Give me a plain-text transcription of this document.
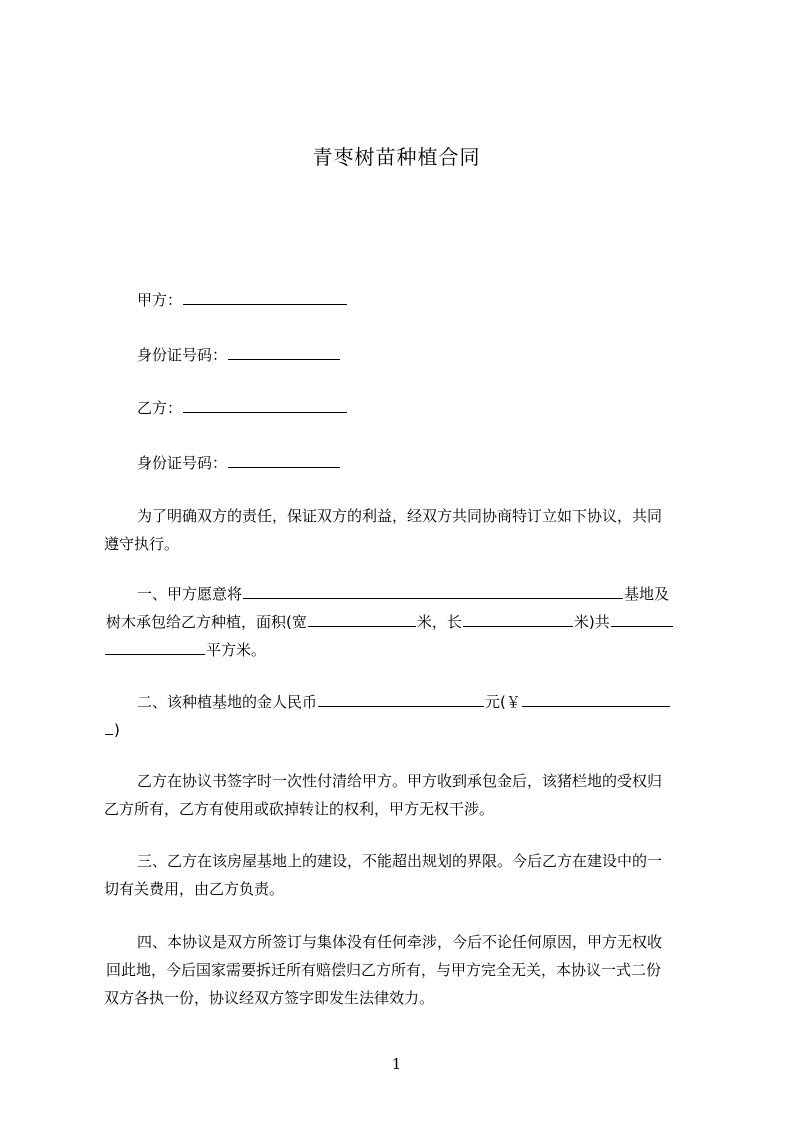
青枣树苗种植合同
甲方：
身份证号码：
乙方：
身份证号码：
为了明确双方的责任，保证双方的利益，经双方共同协商特订立如下协议，共同
遵守执行。
一、甲方愿意将	基地及
树木承包给乙方种植，面积(宽	米，长	米)共
平方米。
二、该种植基地的金人民币	元(￥
)
乙方在协议书签字时一次性付清给甲方。甲方收到承包金后，该猪栏地的受权归
乙方所有，乙方有使用或砍掉转让的权利，甲方无权干涉。
三、乙方在该房屋基地上的建设，不能超出规划的界限。今后乙方在建设中的一
切有关费用，由乙方负责。
四、本协议是双方所签订与集体没有任何牵涉，今后不论任何原因，甲方无权收
回此地，今后国家需要拆迁所有赔偿归乙方所有，与甲方完全无关，本协议一式二份
双方各执一份，协议经双方签字即发生法律效力。
1
